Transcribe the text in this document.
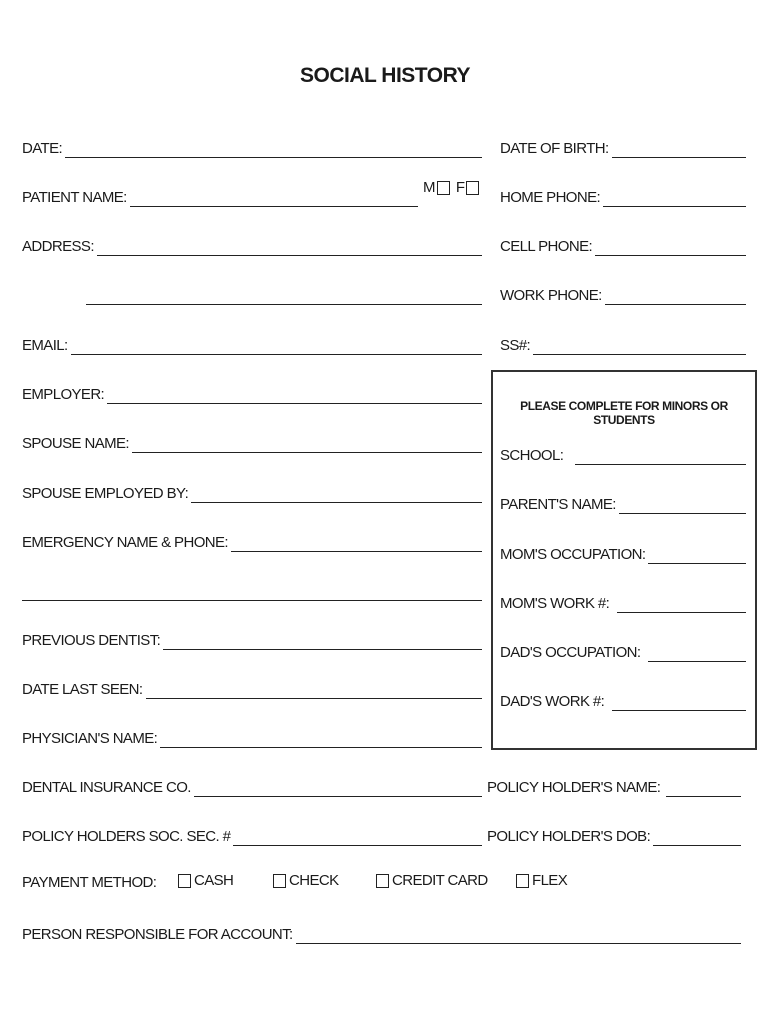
SOCIAL HISTORY
DATE:
PATIENT NAME:
M F
ADDRESS:
EMAIL:
EMPLOYER:
SPOUSE NAME:
SPOUSE EMPLOYED BY:
EMERGENCY NAME & PHONE:
PREVIOUS DENTIST:
DATE LAST SEEN:
PHYSICIAN'S NAME:
DENTAL INSURANCE CO.
POLICY HOLDERS SOC. SEC. #
DATE OF BIRTH:
HOME PHONE:
CELL PHONE:
WORK PHONE:
SS#:
PLEASE COMPLETE FOR MINORS OR STUDENTS
SCHOOL:
PARENT'S NAME:
MOM'S OCCUPATION:
MOM'S WORK #:
DAD'S OCCUPATION:
DAD'S WORK #:
POLICY HOLDER'S NAME:
POLICY HOLDER'S DOB:
PAYMENT METHOD:	CASH	CHECK	CREDIT CARD	FLEX
PERSON RESPONSIBLE FOR ACCOUNT:
